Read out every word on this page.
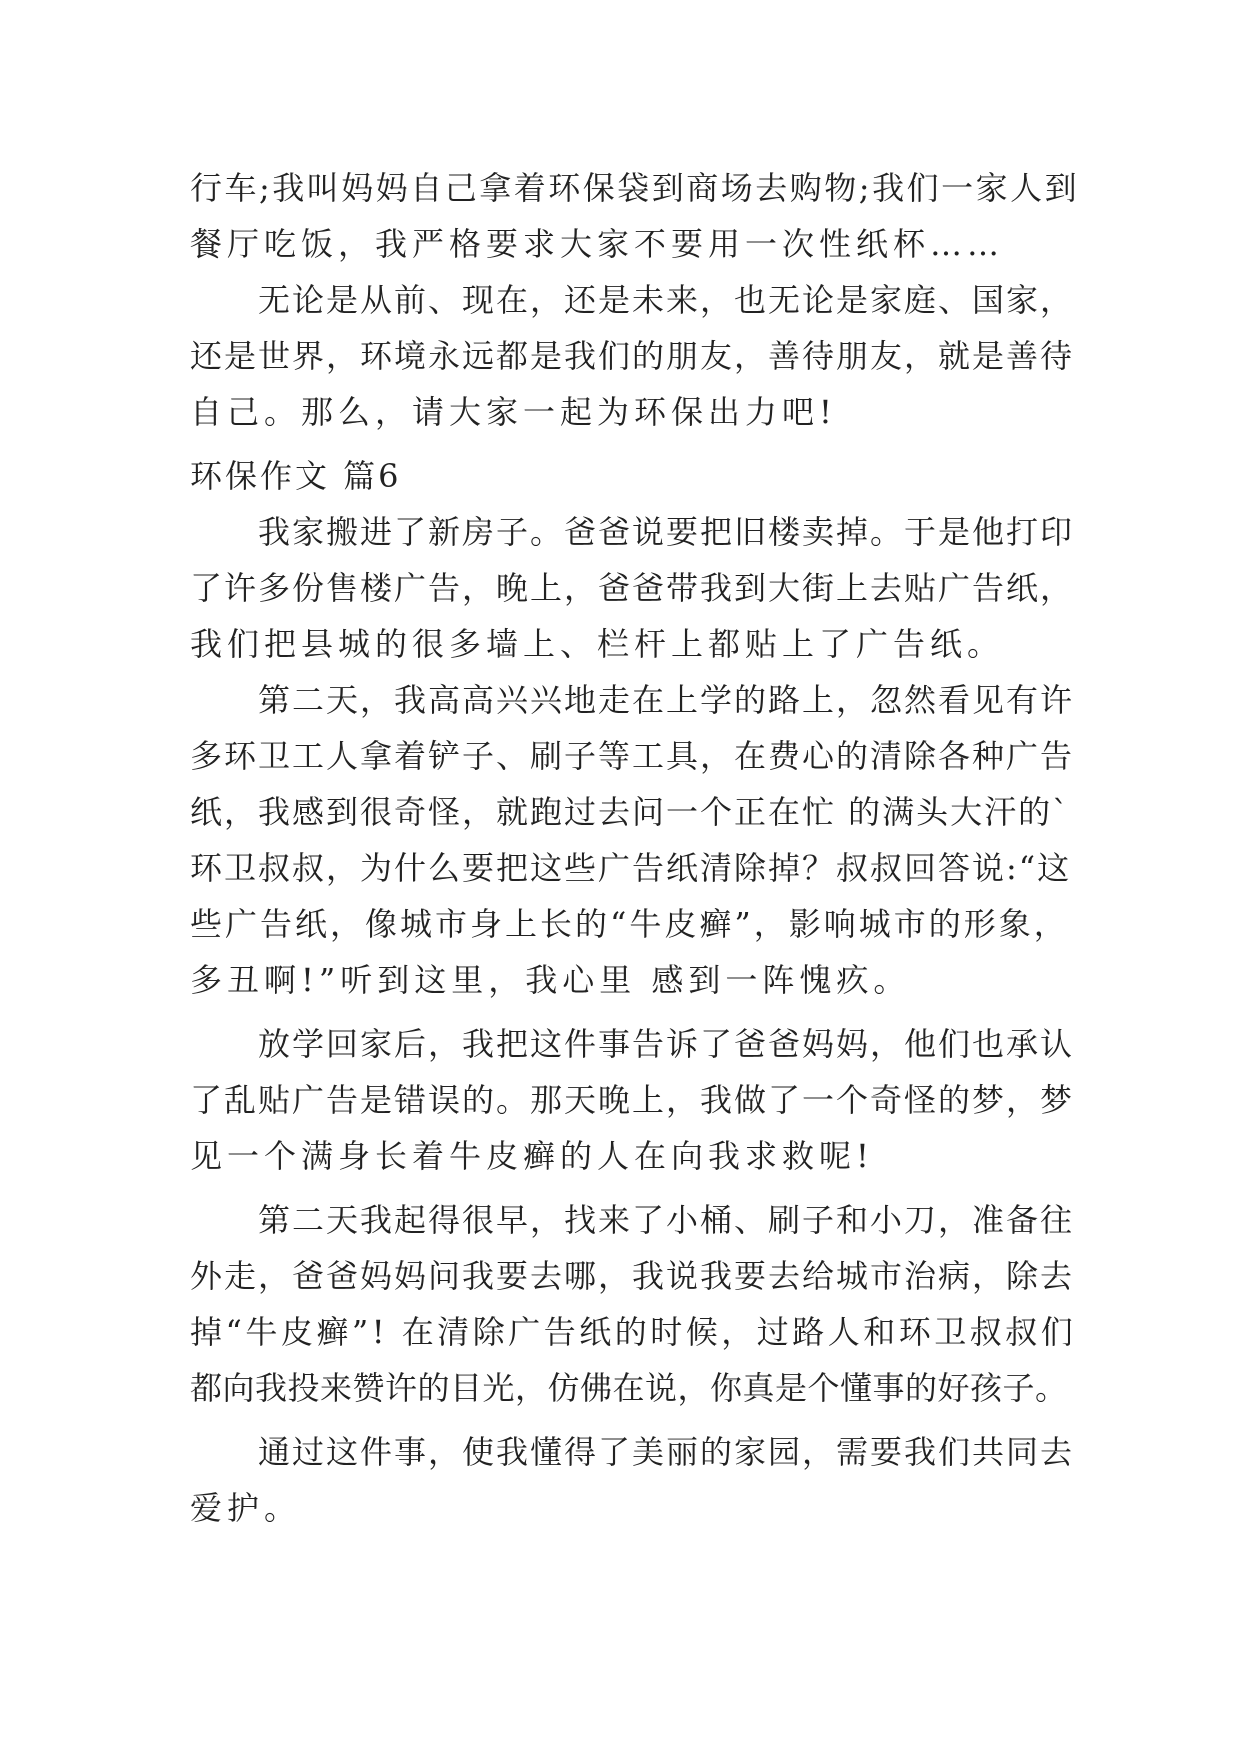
行车;我叫妈妈自己拿着环保袋到商场去购物;我们一家人到
餐厅吃饭，我严格要求大家不要用一次性纸杯……
无论是从前、现在，还是未来，也无论是家庭、国家，
还是世界，环境永远都是我们的朋友，善待朋友，就是善待
自己。那么，请大家一起为环保出力吧!
环保作文 篇6
我家搬进了新房子。爸爸说要把旧楼卖掉。于是他打印
了许多份售楼广告，晚上，爸爸带我到大街上去贴广告纸，
我们把县城的很多墙上、栏杆上都贴上了广告纸。
第二天，我高高兴兴地走在上学的路上，忽然看见有许
多环卫工人拿着铲子、刷子等工具，在费心的清除各种广告
纸，我感到很奇怪，就跑过去问一个正在忙 的满头大汗的`
环卫叔叔，为什么要把这些广告纸清除掉？叔叔回答说:“这
些广告纸，像城市身上长的“牛皮癣”，影响城市的形象，
多丑啊!”听到这里，我心里 感到一阵愧疚。
放学回家后，我把这件事告诉了爸爸妈妈，他们也承认
了乱贴广告是错误的。那天晚上，我做了一个奇怪的梦，梦
见一个满身长着牛皮癣的人在向我求救呢!
第二天我起得很早，找来了小桶、刷子和小刀，准备往
外走，爸爸妈妈问我要去哪，我说我要去给城市治病，除去
掉“牛皮癣”! 在清除广告纸的时候，过路人和环卫叔叔们
都向我投来赞许的目光，仿佛在说，你真是个懂事的好孩子。
通过这件事，使我懂得了美丽的家园，需要我们共同去
爱护。
